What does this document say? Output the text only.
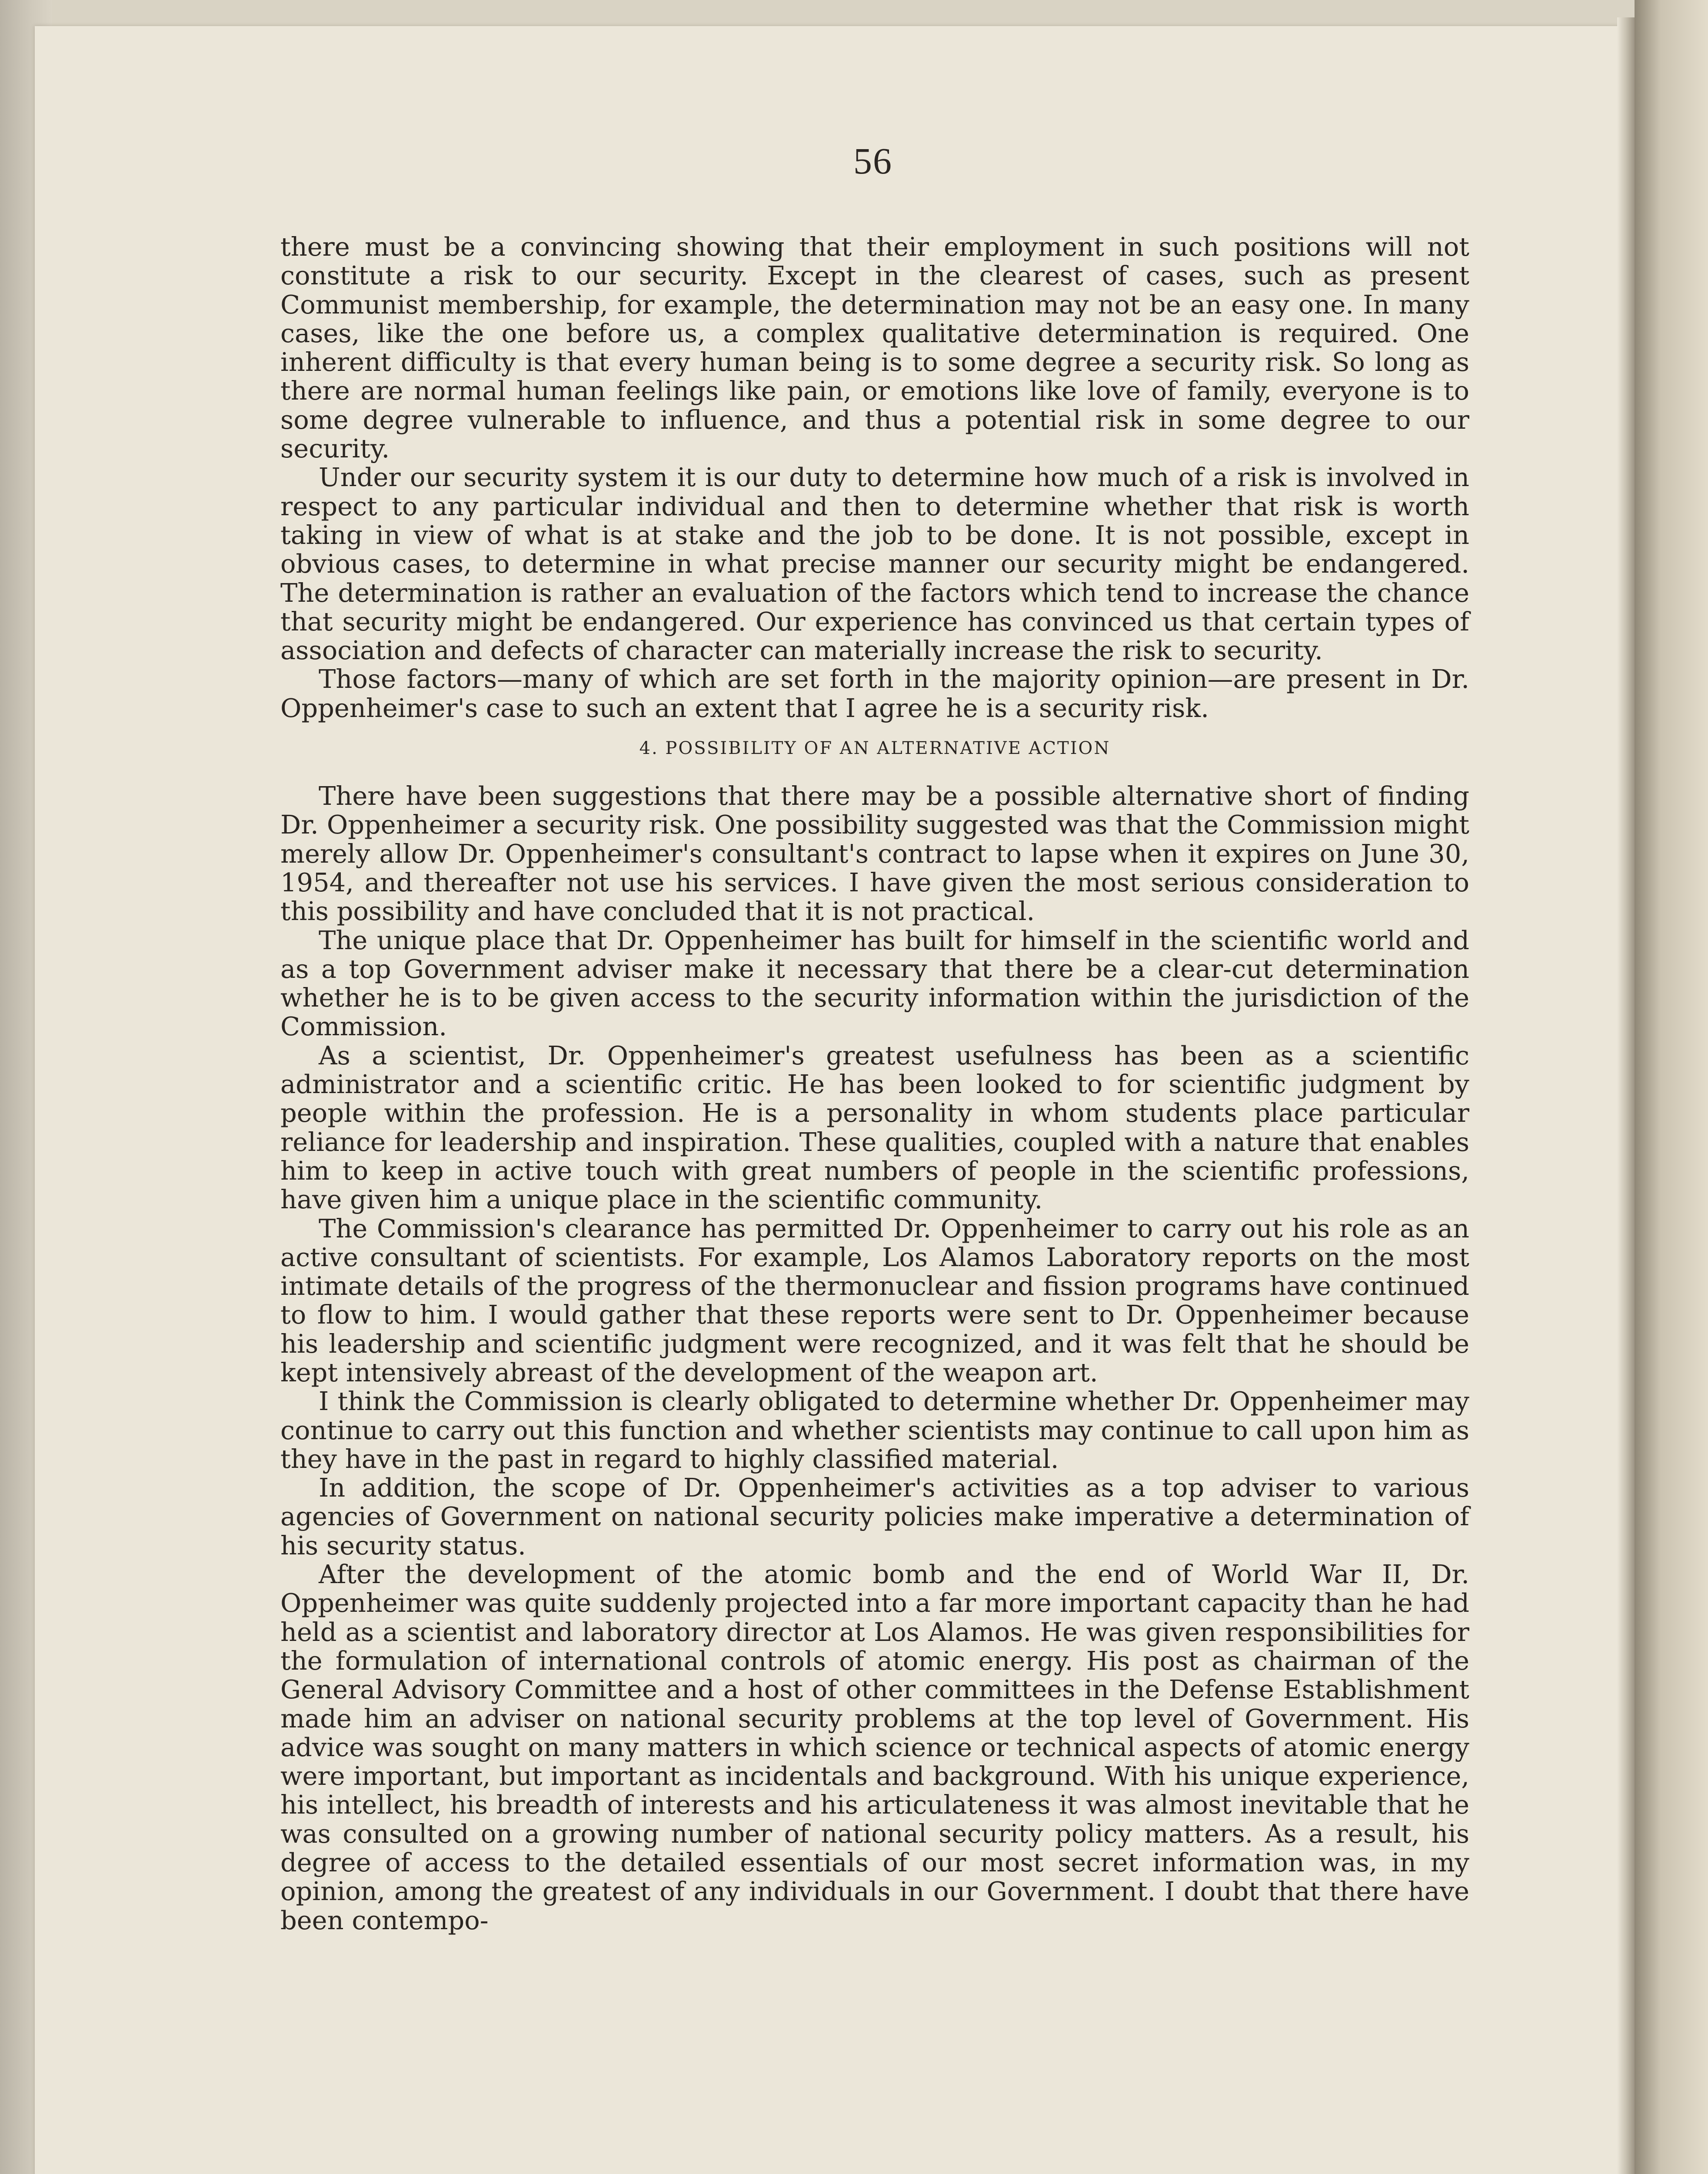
56

there must be a convincing showing that their employment in such positions will not constitute a risk to our security. Except in the clearest of cases, such as present Communist membership, for example, the determination may not be an easy one. In many cases, like the one before us, a complex qualitative determination is required. One inherent difficulty is that every human being is to some degree a security risk. So long as there are normal human feelings like pain, or emotions like love of family, everyone is to some degree vulnerable to influence, and thus a potential risk in some degree to our security.

Under our security system it is our duty to determine how much of a risk is involved in respect to any particular individual and then to determine whether that risk is worth taking in view of what is at stake and the job to be done. It is not possible, except in obvious cases, to determine in what precise manner our security might be endangered. The determination is rather an evaluation of the factors which tend to increase the chance that security might be endangered. Our experience has convinced us that certain types of association and defects of character can materially increase the risk to security.

Those factors—many of which are set forth in the majority opinion—are present in Dr. Oppenheimer's case to such an extent that I agree he is a security risk.

4. POSSIBILITY OF AN ALTERNATIVE ACTION

There have been suggestions that there may be a possible alternative short of finding Dr. Oppenheimer a security risk. One possibility suggested was that the Commission might merely allow Dr. Oppenheimer's consultant's contract to lapse when it expires on June 30, 1954, and thereafter not use his services. I have given the most serious consideration to this possibility and have concluded that it is not practical.

The unique place that Dr. Oppenheimer has built for himself in the scientific world and as a top Government adviser make it necessary that there be a clear-cut determination whether he is to be given access to the security information within the jurisdiction of the Commission.

As a scientist, Dr. Oppenheimer's greatest usefulness has been as a scientific administrator and a scientific critic. He has been looked to for scientific judgment by people within the profession. He is a personality in whom students place particular reliance for leadership and inspiration. These qualities, coupled with a nature that enables him to keep in active touch with great numbers of people in the scientific professions, have given him a unique place in the scientific community.

The Commission's clearance has permitted Dr. Oppenheimer to carry out his role as an active consultant of scientists. For example, Los Alamos Laboratory reports on the most intimate details of the progress of the thermonuclear and fission programs have continued to flow to him. I would gather that these reports were sent to Dr. Oppenheimer because his leadership and scientific judgment were recognized, and it was felt that he should be kept intensively abreast of the development of the weapon art.

I think the Commission is clearly obligated to determine whether Dr. Oppenheimer may continue to carry out this function and whether scientists may continue to call upon him as they have in the past in regard to highly classified material.

In addition, the scope of Dr. Oppenheimer's activities as a top adviser to various agencies of Government on national security policies make imperative a determination of his security status.

After the development of the atomic bomb and the end of World War II, Dr. Oppenheimer was quite suddenly projected into a far more important capacity than he had held as a scientist and laboratory director at Los Alamos. He was given responsibilities for the formulation of international controls of atomic energy. His post as chairman of the General Advisory Committee and a host of other committees in the Defense Establishment made him an adviser on national security problems at the top level of Government. His advice was sought on many matters in which science or technical aspects of atomic energy were important, but important as incidentals and background. With his unique experience, his intellect, his breadth of interests and his articulateness it was almost inevitable that he was consulted on a growing number of national security policy matters. As a result, his degree of access to the detailed essentials of our most secret information was, in my opinion, among the greatest of any individuals in our Government. I doubt that there have been contempo-
